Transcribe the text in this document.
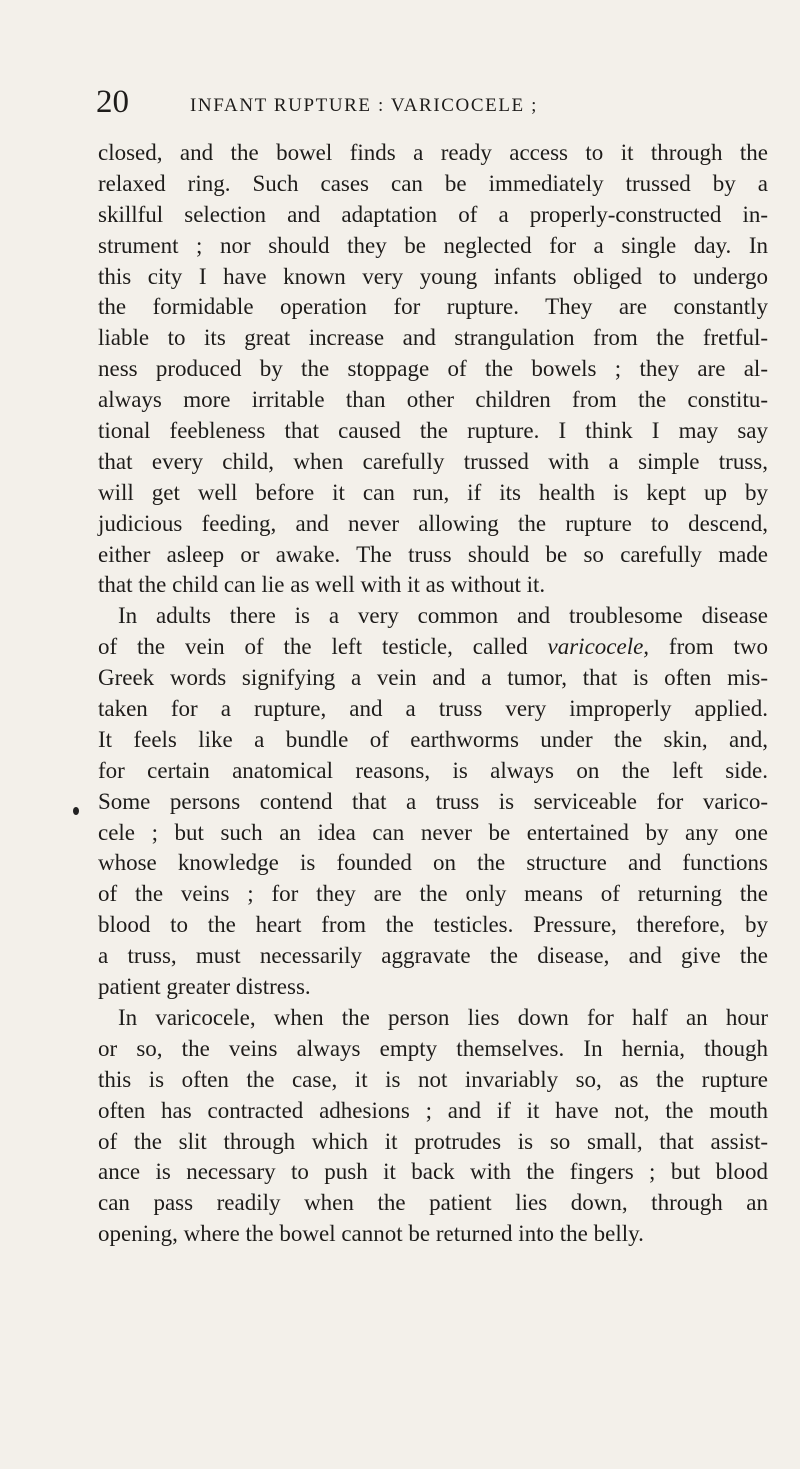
20	INFANT RUPTURE : VARICOCELE ;
closed, and the bowel finds a ready access to it through the
relaxed ring. Such cases can be immediately trussed by a
skillful selection and adaptation of a properly-constructed in-
strument ; nor should they be neglected for a single day. In
this city I have known very young infants obliged to undergo
the formidable operation for rupture. They are constantly
liable to its great increase and strangulation from the fretful-
ness produced by the stoppage of the bowels ; they are al-
always more irritable than other children from the constitu-
tional feebleness that caused the rupture. I think I may say
that every child, when carefully trussed with a simple truss,
will get well before it can run, if its health is kept up by
judicious feeding, and never allowing the rupture to descend,
either asleep or awake. The truss should be so carefully made
that the child can lie as well with it as without it.
In adults there is a very common and troublesome disease
of the vein of the left testicle, called varicocele, from two
Greek words signifying a vein and a tumor, that is often mis-
taken for a rupture, and a truss very improperly applied.
It feels like a bundle of earthworms under the skin, and,
for certain anatomical reasons, is always on the left side.
Some persons contend that a truss is serviceable for varico-
cele ; but such an idea can never be entertained by any one
whose knowledge is founded on the structure and functions
of the veins ; for they are the only means of returning the
blood to the heart from the testicles. Pressure, therefore, by
a truss, must necessarily aggravate the disease, and give the
patient greater distress.
In varicocele, when the person lies down for half an hour
or so, the veins always empty themselves. In hernia, though
this is often the case, it is not invariably so, as the rupture
often has contracted adhesions ; and if it have not, the mouth
of the slit through which it protrudes is so small, that assist-
ance is necessary to push it back with the fingers ; but blood
can pass readily when the patient lies down, through an
opening, where the bowel cannot be returned into the belly.
